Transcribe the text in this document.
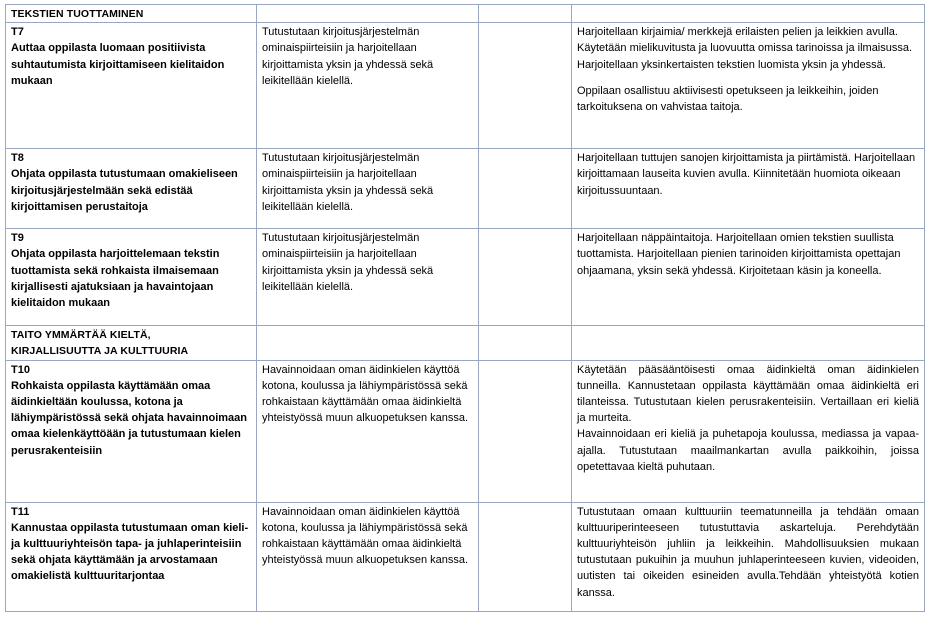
TEKSTIEN TUOTTAMINEN			

T7
Auttaa oppilasta luomaan positiivista suhtautumista kirjoittamiseen kielitaidon mukaan	Tutustutaan kirjoitusjärjestelmän ominaispiirteisiin ja harjoitellaan kirjoittamista yksin ja yhdessä sekä leikitellään kielellä.		Harjoitellaan kirjaimia/ merkkejä erilaisten pelien ja leikkien avulla. Käytetään mielikuvitusta ja luovuutta omissa tarinoissa ja ilmaisussa. Harjoitellaan yksinkertaisten tekstien luomista yksin ja yhdessä.
Oppilaan osallistuu aktiivisesti opetukseen ja leikkeihin, joiden tarkoituksena on vahvistaa taitoja.

T8
Ohjata oppilasta tutustumaan omakieliseen kirjoitusjärjestelmään sekä edistää kirjoittamisen perustaitoja	Tutustutaan kirjoitusjärjestelmän ominaispiirteisiin ja harjoitellaan kirjoittamista yksin ja yhdessä sekä leikitellään kielellä.		Harjoitellaan tuttujen sanojen kirjoittamista ja piirtämistä. Harjoitellaan kirjoittamaan lauseita kuvien avulla. Kiinnitetään huomiota oikeaan kirjoitussuuntaan.

T9
Ohjata oppilasta harjoittelemaan tekstin tuottamista sekä rohkaista ilmaisemaan kirjallisesti ajatuksiaan ja havaintojaan kielitaidon mukaan	Tutustutaan kirjoitusjärjestelmän ominaispiirteisiin ja harjoitellaan kirjoittamista yksin ja yhdessä sekä leikitellään kielellä.		Harjoitellaan näppäintaitoja. Harjoitellaan omien tekstien suullista tuottamista. Harjoitellaan pienien tarinoiden kirjoittamista opettajan ohjaamana, yksin sekä yhdessä. Kirjoitetaan käsin ja koneella.

TAITO YMMÄRTÄÄ KIELTÄ,
KIRJALLISUUTTA JA KULTTUURIA			

T10
Rohkaista oppilasta käyttämään omaa äidinkieltään koulussa, kotona ja lähiympäristössä sekä ohjata havainnoimaan omaa kielenkäyttöään ja tutustumaan kielen perusrakenteisiin	Havainnoidaan oman äidinkielen käyttöä kotona, koulussa ja lähiympäristössä sekä rohkaistaan käyttämään omaa äidinkieltä yhteistyössä muun alkuopetuksen kanssa.		Käytetään pääsääntöisesti omaa äidinkieltä oman äidinkielen tunneilla. Kannustetaan oppilasta käyttämään omaa äidinkieltä eri tilanteissa. Tutustutaan kielen perusrakenteisiin. Vertaillaan eri kieliä ja murteita.
Havainnoidaan eri kieliä ja puhetapoja koulussa, mediassa ja vapaa-ajalla. Tutustutaan maailmankartan avulla paikkoihin, joissa opetettavaa kieltä puhutaan.

T11
Kannustaa oppilasta tutustumaan oman kieli- ja kulttuuriyhteisön tapa- ja juhlaperinteisiin sekä ohjata käyttämään ja arvostamaan omakielistä kulttuuritarjontaa	Havainnoidaan oman äidinkielen käyttöä kotona, koulussa ja lähiympäristössä sekä rohkaistaan käyttämään omaa äidinkieltä yhteistyössä muun alkuopetuksen kanssa.		Tutustutaan omaan kulttuuriin teematunneilla ja tehdään omaan kulttuuriperinteeseen tutustuttavia askarteluja. Perehdytään kulttuuriyhteisön juhliin ja leikkeihin. Mahdollisuuksien mukaan tutustutaan pukuihin ja muuhun juhlaperinteeseen kuvien, videoiden, uutisten tai oikeiden esineiden avulla.Tehdään yhteistyötä kotien kanssa.
